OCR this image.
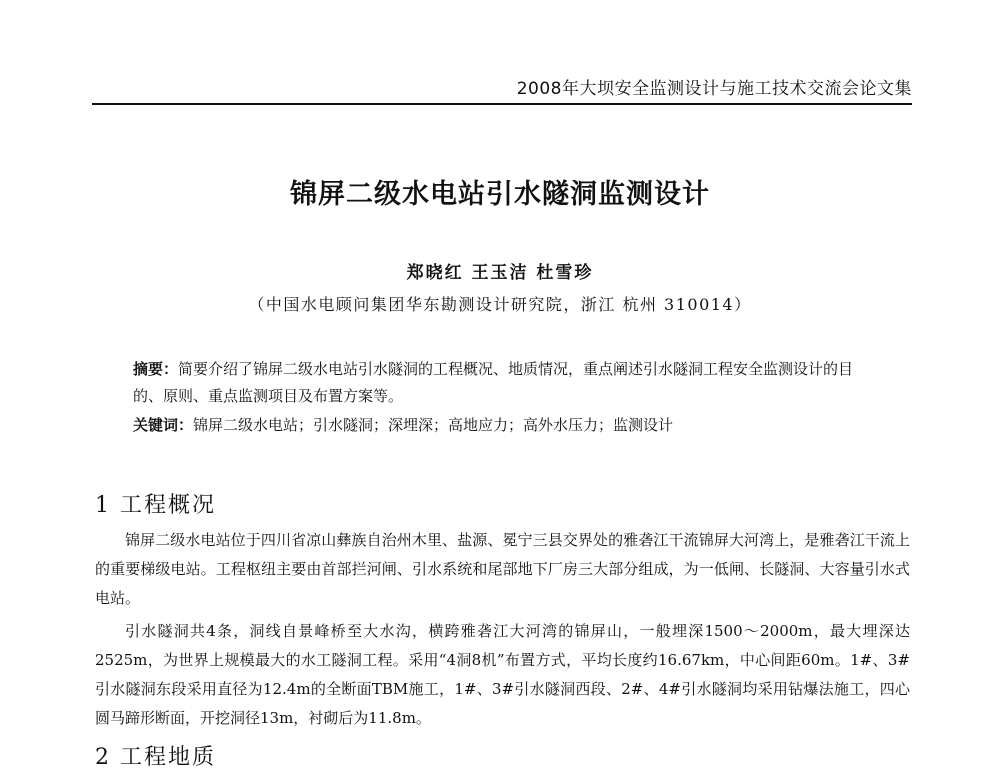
2008年大坝安全监测设计与施工技术交流会论文集
锦屏二级水电站引水隧洞监测设计
郑晓红 王玉洁 杜雪珍
（中国水电顾问集团华东勘测设计研究院，浙江 杭州 310014）
摘要：简要介绍了锦屏二级水电站引水隧洞的工程概况、地质情况，重点阐述引水隧洞工程安全监测设计的目的、原则、重点监测项目及布置方案等。
关键词：锦屏二级水电站；引水隧洞；深埋深；高地应力；高外水压力；监测设计
1 工程概况

锦屏二级水电站位于四川省凉山彝族自治州木里、盐源、冕宁三县交界处的雅砻江干流锦屏大河湾上，是雅砻江干流上的重要梯级电站。工程枢纽主要由首部拦河闸、引水系统和尾部地下厂房三大部分组成，为一低闸、长隧洞、大容量引水式电站。

引水隧洞共4条，洞线自景峰桥至大水沟，横跨雅砻江大河湾的锦屏山，一般埋深1500～2000m，最大埋深达2525m，为世界上规模最大的水工隧洞工程。采用“4洞8机”布置方式，平均长度约16.67km，中心间距60m。1#、3#引水隧洞东段采用直径为12.4m的全断面TBM施工，1#、3#引水隧洞西段、2#、4#引水隧洞均采用钻爆法施工，四心圆马蹄形断面，开挖洞径13m，衬砌后为11.8m。

2 工程地质
